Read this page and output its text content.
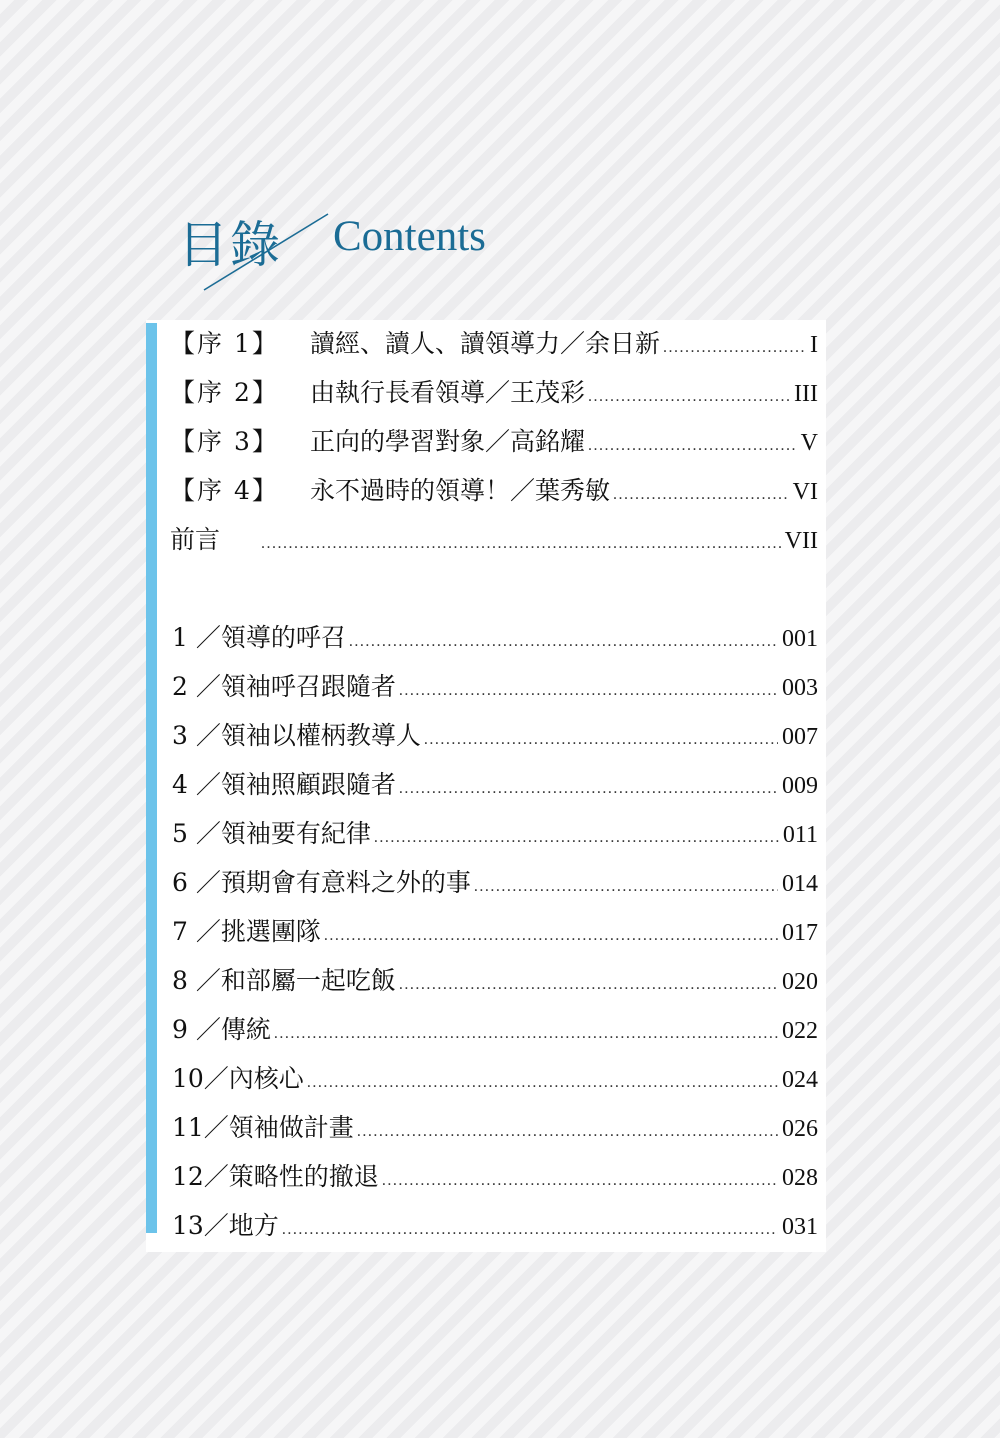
目錄 Contents
【序 1】	讀經、讀人、讀領導力／余日新 .....	I
【序 2】	由執行長看領導／王茂彩 .....	III
【序 3】	正向的學習對象／高銘耀 .....	V
【序 4】	永不過時的領導！／葉秀敏 .....	VI
前言 .....	VII
1 ／領導的呼召 .....	001
2 ／領袖呼召跟隨者 .....	003
3 ／領袖以權柄教導人 .....	007
4 ／領袖照顧跟隨者 .....	009
5 ／領袖要有紀律 .....	011
6 ／預期會有意料之外的事 .....	014
7 ／挑選團隊 .....	017
8 ／和部屬一起吃飯 .....	020
9 ／傳統 .....	022
10／內核心 .....	024
11／領袖做計畫 .....	026
12／策略性的撤退 .....	028
13／地方 .....	031
